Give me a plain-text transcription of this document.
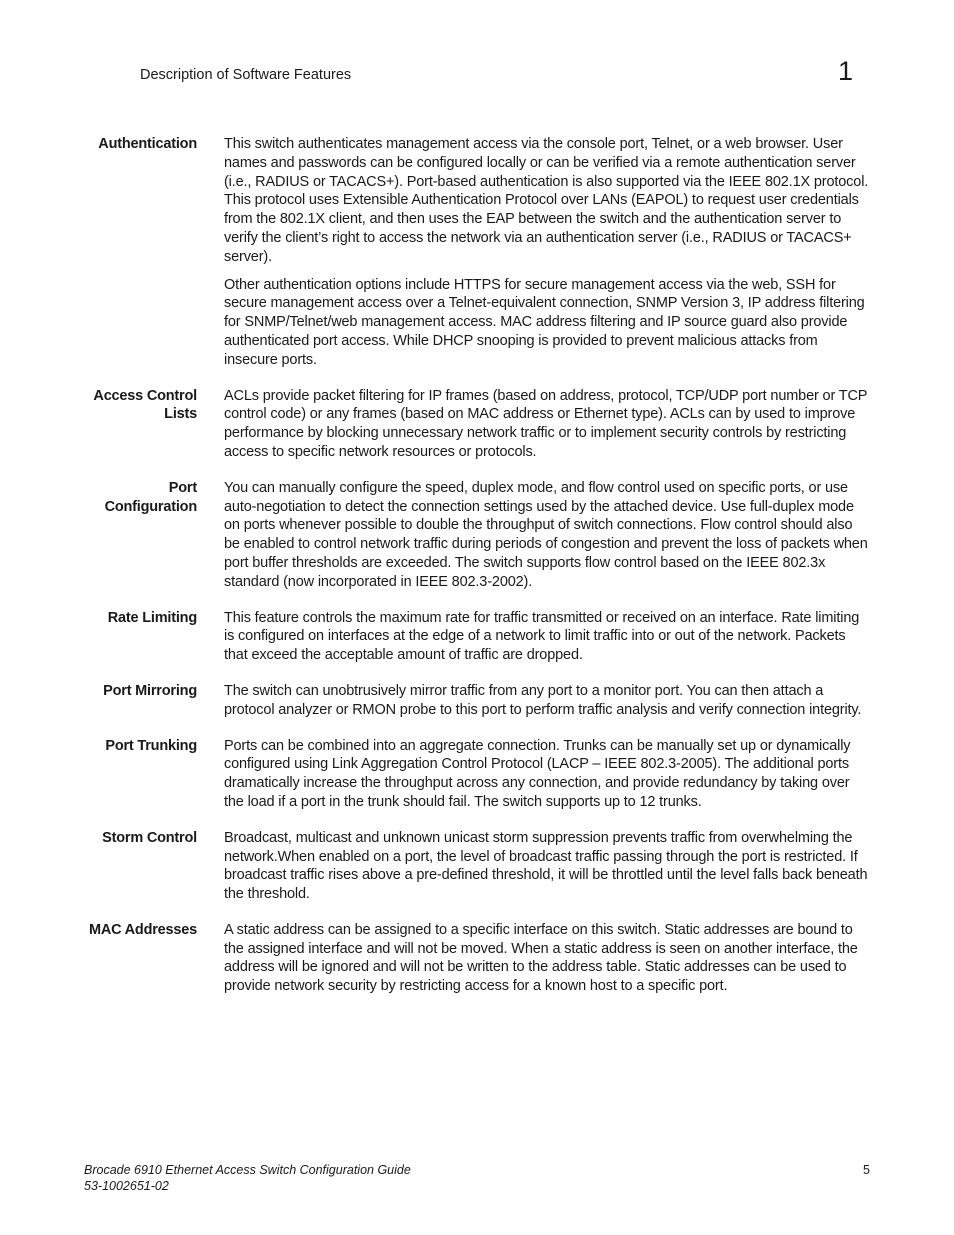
Description of Software Features	1
Authentication This switch authenticates management access via the console port, Telnet, or a web browser. User names and passwords can be configured locally or can be verified via a remote authentication server (i.e., RADIUS or TACACS+). Port-based authentication is also supported via the IEEE 802.1X protocol. This protocol uses Extensible Authentication Protocol over LANs (EAPOL) to request user credentials from the 802.1X client, and then uses the EAP between the switch and the authentication server to verify the client’s right to access the network via an authentication server (i.e., RADIUS or TACACS+ server).

Other authentication options include HTTPS for secure management access via the web, SSH for secure management access over a Telnet-equivalent connection, SNMP Version 3, IP address filtering for SNMP/Telnet/web management access. MAC address filtering and IP source guard also provide authenticated port access. While DHCP snooping is provided to prevent malicious attacks from insecure ports.

Access Control
Lists

ACLs provide packet filtering for IP frames (based on address, protocol, TCP/UDP port number or TCP control code) or any frames (based on MAC address or Ethernet type). ACLs can by used to improve performance by blocking unnecessary network traffic or to implement security controls by restricting access to specific network resources or protocols.

Port
Configuration

You can manually configure the speed, duplex mode, and flow control used on specific ports, or use auto-negotiation to detect the connection settings used by the attached device. Use full-duplex mode on ports whenever possible to double the throughput of switch connections. Flow control should also be enabled to control network traffic during periods of congestion and prevent the loss of packets when port buffer thresholds are exceeded. The switch supports flow control based on the IEEE 802.3x standard (now incorporated in IEEE 802.3-2002).

Rate Limiting This feature controls the maximum rate for traffic transmitted or received on an interface. Rate limiting is configured on interfaces at the edge of a network to limit traffic into or out of the network. Packets that exceed the acceptable amount of traffic are dropped.

Port Mirroring The switch can unobtrusively mirror traffic from any port to a monitor port. You can then attach a protocol analyzer or RMON probe to this port to perform traffic analysis and verify connection integrity.

Port Trunking Ports can be combined into an aggregate connection. Trunks can be manually set up or dynamically configured using Link Aggregation Control Protocol (LACP – IEEE 802.3-2005). The additional ports dramatically increase the throughput across any connection, and provide redundancy by taking over the load if a port in the trunk should fail. The switch supports up to 12 trunks.

Storm Control Broadcast, multicast and unknown unicast storm suppression prevents traffic from overwhelming the network.When enabled on a port, the level of broadcast traffic passing through the port is restricted. If broadcast traffic rises above a pre-defined threshold, it will be throttled until the level falls back beneath the threshold.

MAC Addresses A static address can be assigned to a specific interface on this switch. Static addresses are bound to the assigned interface and will not be moved. When a static address is seen on another interface, the address will be ignored and will not be written to the address table. Static addresses can be used to provide network security by restricting access for a known host to a specific port.

Brocade 6910 Ethernet Access Switch Configuration Guide
53-1002651-02
5
